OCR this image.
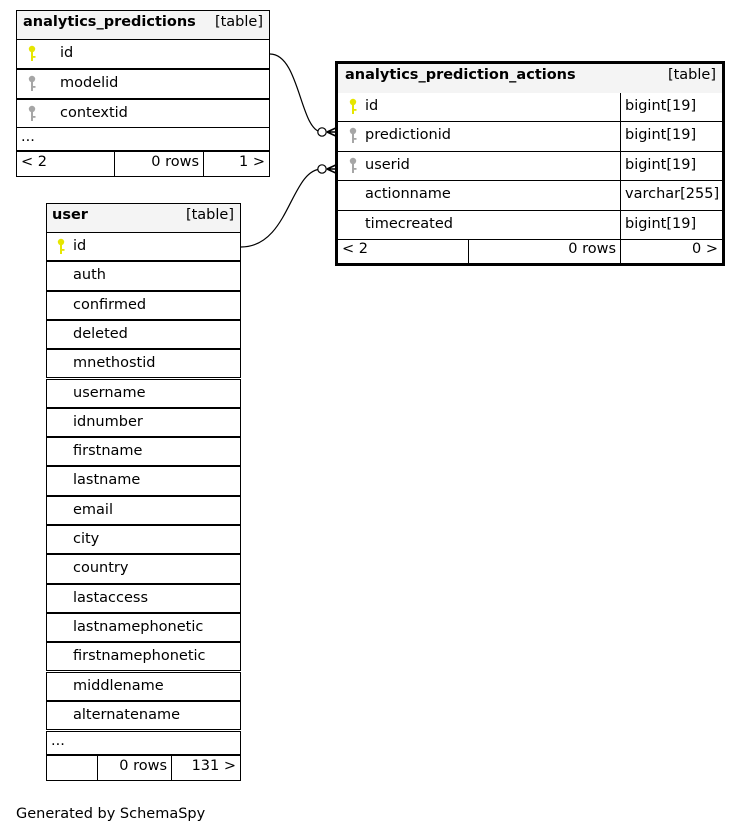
analytics_predictions [table]
id
modelid
contextid
...
< 2	0 rows	1 >
analytics_prediction_actions	[table]
id	bigint[19]
predictionid	bigint[19]
userid	bigint[19]
actionname	varchar[255]
timecreated	bigint[19]
< 2	0 rows	0 >
user	[table]
id
auth
confirmed
deleted
mnethostid
username
idnumber
firstname
lastname
email
city
country
lastaccess
lastnamephonetic
firstnamephonetic
middlename
alternatename
...
0 rows 131 >
Generated by SchemaSpy
